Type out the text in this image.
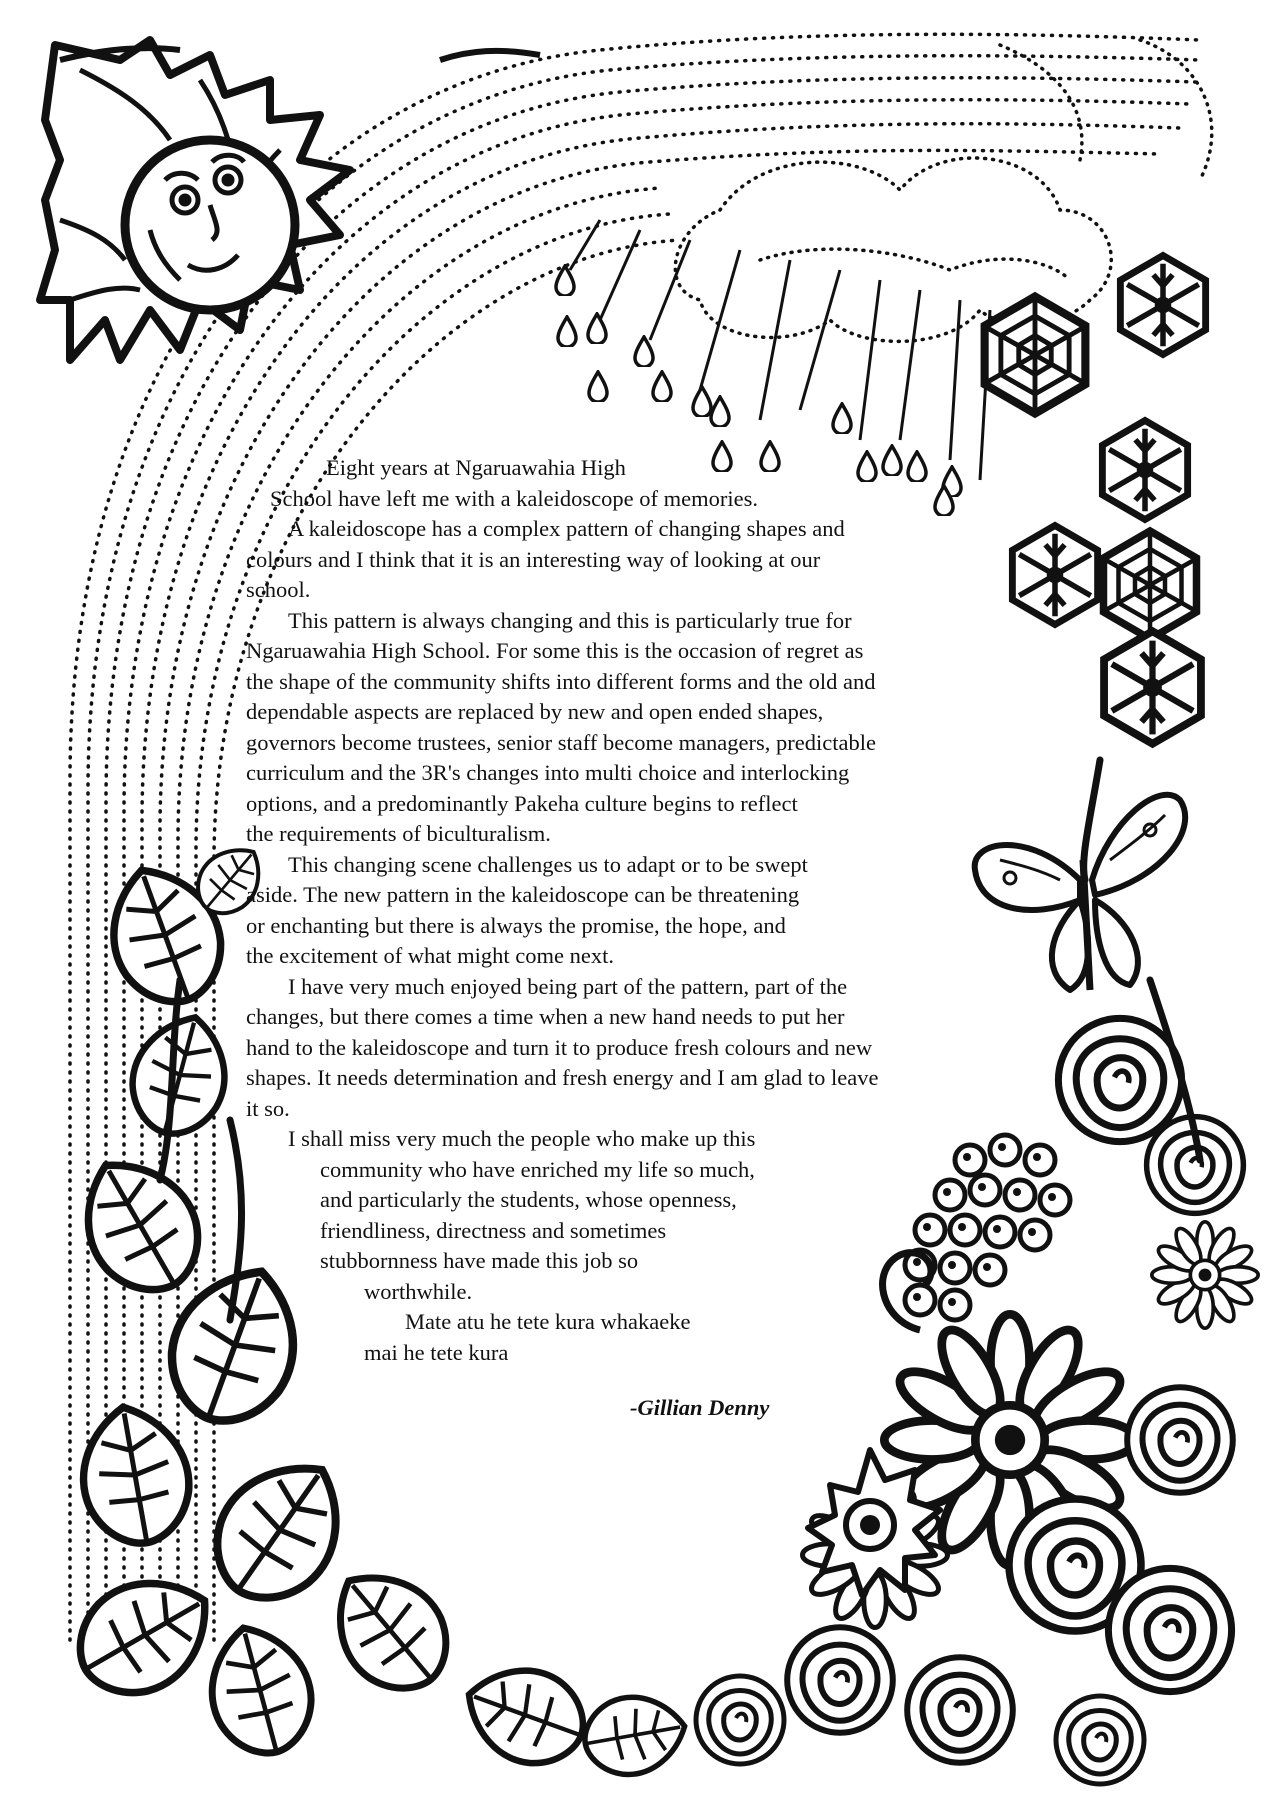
Eight years at Ngaruawahia High
School have left me with a kaleidoscope of memories.
A kaleidoscope has a complex pattern of changing shapes and
colours and I think that it is an interesting way of looking at our
school.
This pattern is always changing and this is particularly true for
Ngaruawahia High School. For some this is the occasion of regret as
the shape of the community shifts into different forms and the old and
dependable aspects are replaced by new and open ended shapes,
governors become trustees, senior staff become managers, predictable
curriculum and the 3R's changes into multi choice and interlocking
options, and a predominantly Pakeha culture begins to reflect
the requirements of biculturalism.
This changing scene challenges us to adapt or to be swept
aside. The new pattern in the kaleidoscope can be threatening
or enchanting but there is always the promise, the hope, and
the excitement of what might come next.
I have very much enjoyed being part of the pattern, part of the
changes, but there comes a time when a new hand needs to put her
hand to the kaleidoscope and turn it to produce fresh colours and new
shapes. It needs determination and fresh energy and I am glad to leave
it so.
I shall miss very much the people who make up this
community who have enriched my life so much,
and particularly the students, whose openness,
friendliness, directness and sometimes
stubbornness have made this job so
worthwhile.
Mate atu he tete kura whakaeke
mai he tete kura
-Gillian Denny
